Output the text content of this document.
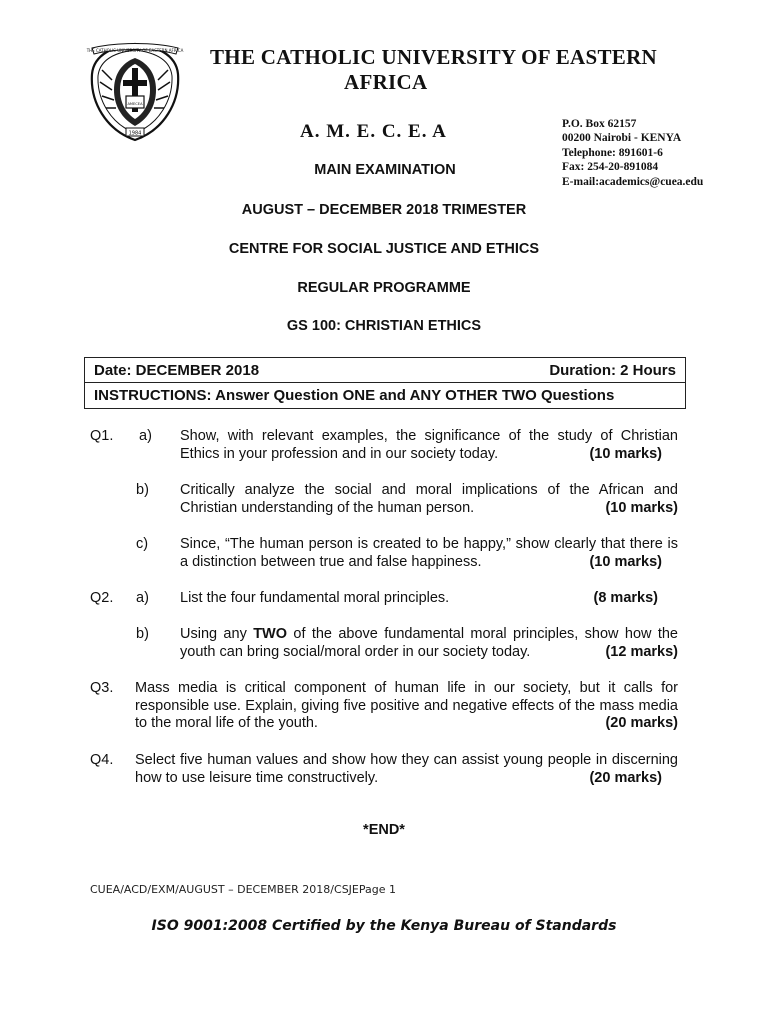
THE CATHOLIC UNIVERSITY OF EASTERN AFRICA
AMECEA
1984
THE CATHOLIC UNIVERSITY OF EASTERN
AFRICA
A. M. E. C. E. A	P.O. Box 62157
00200 Nairobi - KENYA
Telephone: 891601-6
Fax: 254-20-891084
E-mail:academics@cuea.edu
MAIN EXAMINATION
AUGUST – DECEMBER 2018 TRIMESTER
CENTRE FOR SOCIAL JUSTICE AND ETHICS
REGULAR PROGRAMME
GS 100: CHRISTIAN ETHICS
Date: DECEMBER 2018	Duration: 2 Hours
INSTRUCTIONS: Answer Question ONE and ANY OTHER TWO Questions
Q1. a) Show, with relevant examples, the significance of the study of Christian Ethics in your profession and in our society today.	(10 marks)
b) Critically analyze the social and moral implications of the African and Christian understanding of the human person.	(10 marks)
c) Since, “The human person is created to be happy,” show clearly that there is a distinction between true and false happiness.	(10 marks)
Q2. a) List the four fundamental moral principles.	(8 marks)
b) Using any TWO of the above fundamental moral principles, show how the youth can bring social/moral order in our society today.	(12 marks)
Q3. Mass media is critical component of human life in our society, but it calls for responsible use. Explain, giving five positive and negative effects of the mass media to the moral life of the youth.	(20 marks)
Q4. Select five human values and show how they can assist young people in discerning how to use leisure time constructively.	(20 marks)
*END*
CUEA/ACD/EXM/AUGUST – DECEMBER 2018/CSJEPage 1
ISO 9001:2008 Certified by the Kenya Bureau of Standards
